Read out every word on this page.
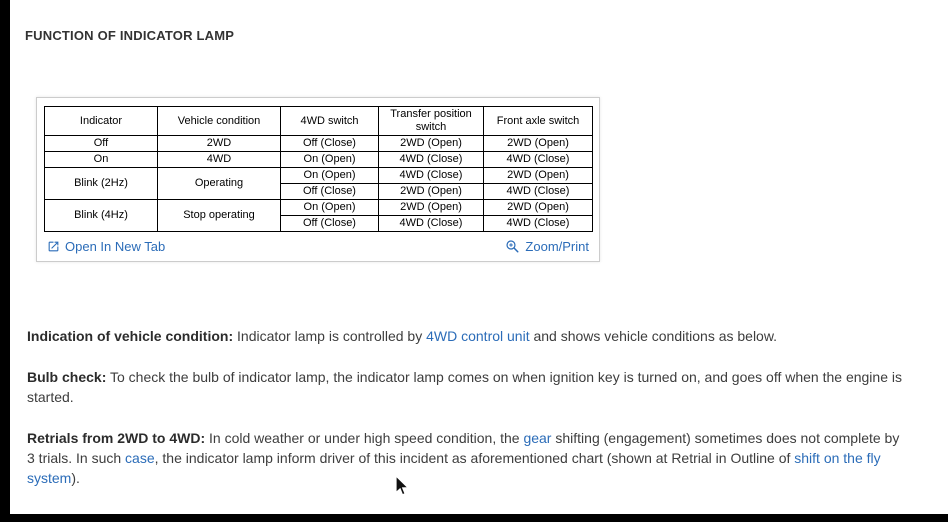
FUNCTION OF INDICATOR LAMP
Indicator	Vehicle condition	4WD switch	Transfer position switch	Front axle switch
Off	2WD	Off (Close)	2WD (Open)	2WD (Open)
On	4WD	On (Open)	4WD (Close)	4WD (Close)
Blink (2Hz)	Operating	On (Open)	4WD (Close)	2WD (Open)
		Off (Close)	2WD (Open)	4WD (Close)
Blink (4Hz)	Stop operating	On (Open)	2WD (Open)	2WD (Open)
		Off (Close)	4WD (Close)	4WD (Close)
Open In New Tab	Zoom/Print

Indication of vehicle condition: Indicator lamp is controlled by 4WD control unit and shows vehicle conditions as below.

Bulb check: To check the bulb of indicator lamp, the indicator lamp comes on when ignition key is turned on, and goes off when the engine is started.

Retrials from 2WD to 4WD: In cold weather or under high speed condition, the gear shifting (engagement) sometimes does not complete by 3 trials. In such case, the indicator lamp inform driver of this incident as aforementioned chart (shown at Retrial in Outline of shift on the fly system).
